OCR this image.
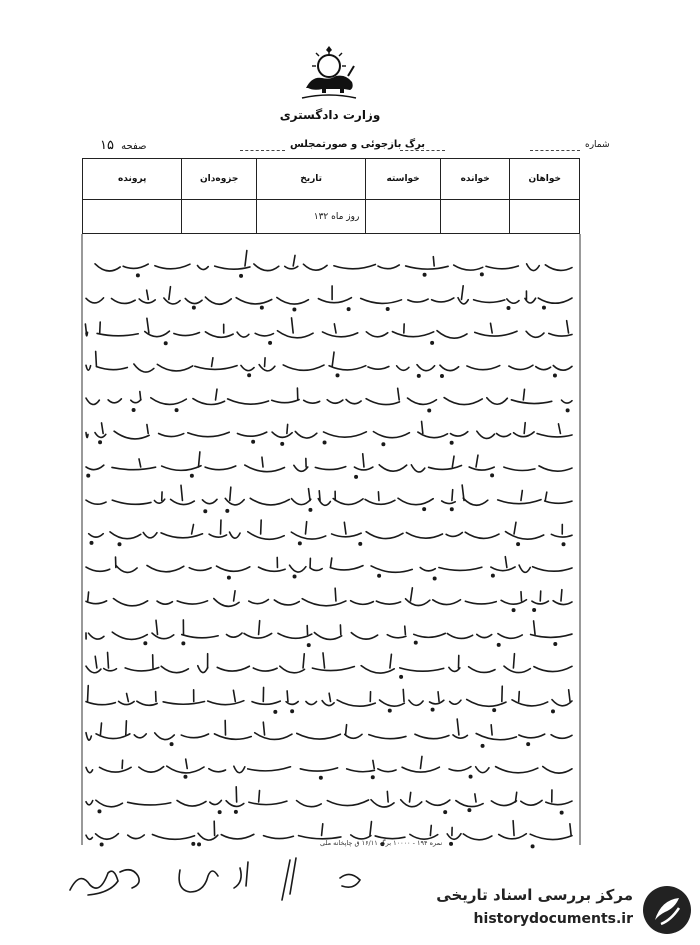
وزارت دادگستری
برگ بازجوئی و صورتمجلس
صفحه ۱۵	شماره
خواهان	خوانده	خواسته	تاریخ	جزوه‌دان	پرونده
			روز ماه ۱۳۲		
نمره ۱۹۴ - ۱۰۰۰۰ برگ ۱۶/۱۱ ق چاپخانه ملی
مرکز بررسی اسناد تاریخی
historydocuments.ir
